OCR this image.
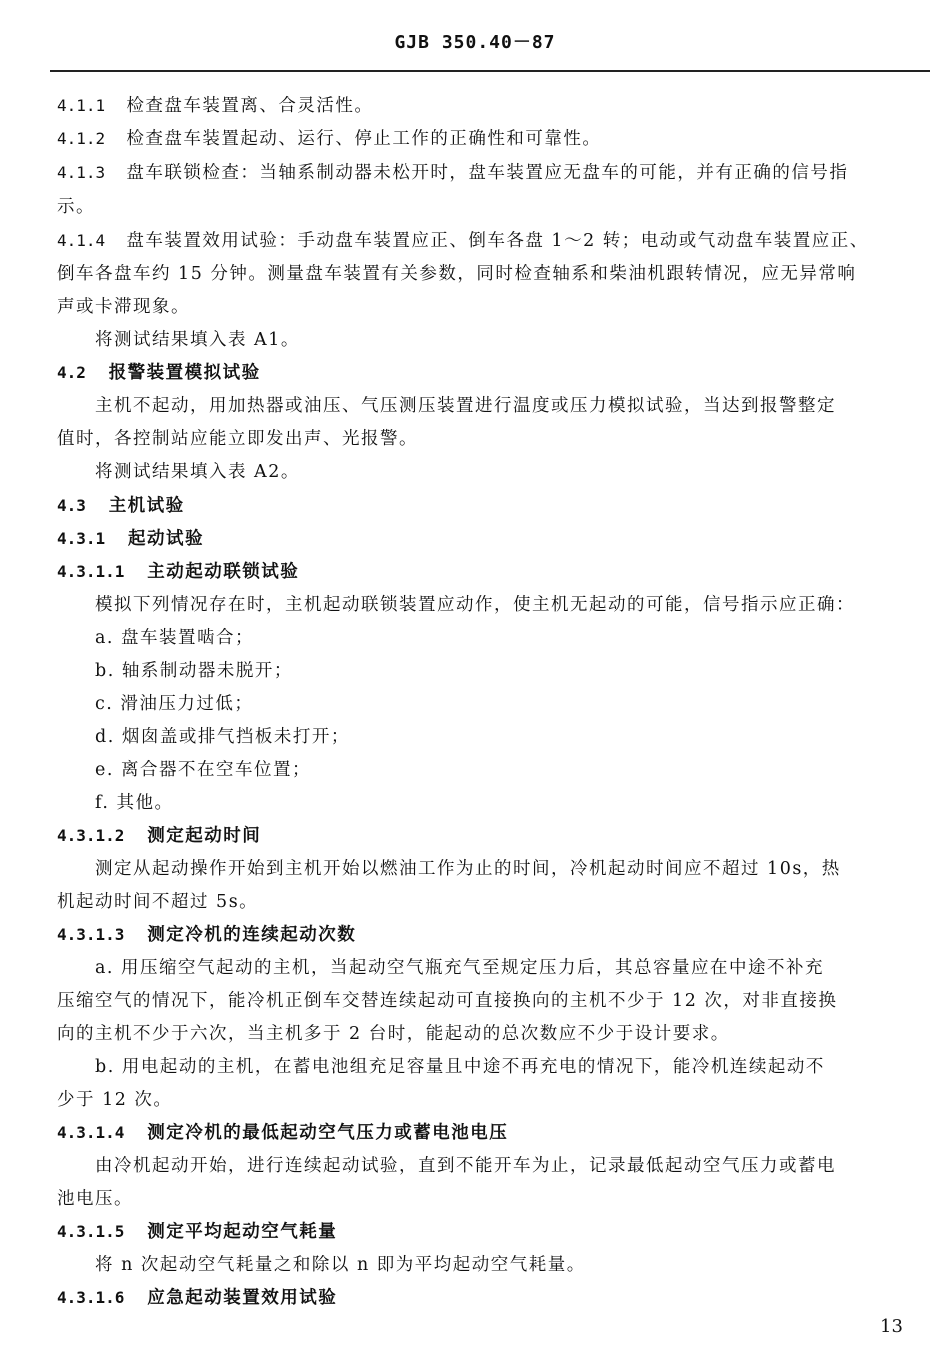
GJB 350.40－87
4.1.1 检查盘车装置离、合灵活性。
4.1.2 检查盘车装置起动、运行、停止工作的正确性和可靠性。
4.1.3 盘车联锁检查：当轴系制动器未松开时，盘车装置应无盘车的可能，并有正确的信号指
示。
4.1.4 盘车装置效用试验：手动盘车装置应正、倒车各盘 1～2 转；电动或气动盘车装置应正、
倒车各盘车约 15 分钟。测量盘车装置有关参数，同时检查轴系和柴油机跟转情况，应无异常响
声或卡滞现象。
将测试结果填入表 A1。
4.2 报警装置模拟试验
主机不起动，用加热器或油压、气压测压装置进行温度或压力模拟试验，当达到报警整定
值时，各控制站应能立即发出声、光报警。
将测试结果填入表 A2。
4.3 主机试验
4.3.1 起动试验
4.3.1.1 主动起动联锁试验
模拟下列情况存在时，主机起动联锁装置应动作，使主机无起动的可能，信号指示应正确：
a. 盘车装置啮合；
b. 轴系制动器未脱开；
c. 滑油压力过低；
d. 烟囱盖或排气挡板未打开；
e. 离合器不在空车位置；
f. 其他。
4.3.1.2 测定起动时间
测定从起动操作开始到主机开始以燃油工作为止的时间，冷机起动时间应不超过 10s，热
机起动时间不超过 5s。
4.3.1.3 测定冷机的连续起动次数
a. 用压缩空气起动的主机，当起动空气瓶充气至规定压力后，其总容量应在中途不补充
压缩空气的情况下，能冷机正倒车交替连续起动可直接换向的主机不少于 12 次，对非直接换
向的主机不少于六次，当主机多于 2 台时，能起动的总次数应不少于设计要求。
b. 用电起动的主机，在蓄电池组充足容量且中途不再充电的情况下，能冷机连续起动不
少于 12 次。
4.3.1.4 测定冷机的最低起动空气压力或蓄电池电压
由冷机起动开始，进行连续起动试验，直到不能开车为止，记录最低起动空气压力或蓄电
池电压。
4.3.1.5 测定平均起动空气耗量
将 n 次起动空气耗量之和除以 n 即为平均起动空气耗量。
4.3.1.6 应急起动装置效用试验
13
